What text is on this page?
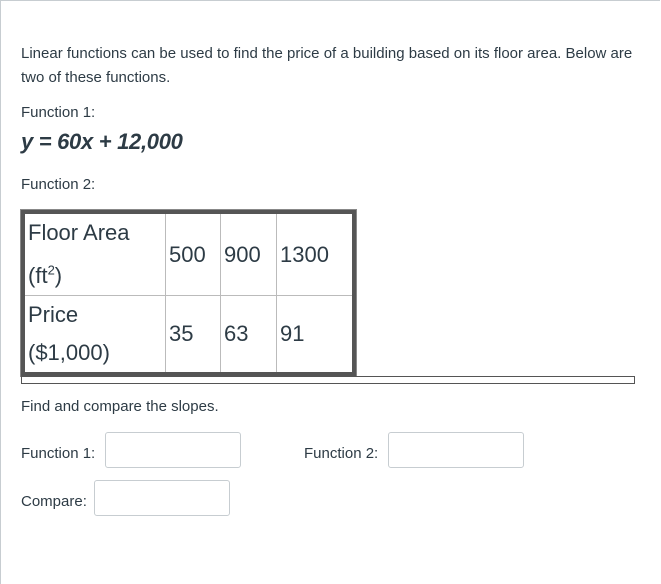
Linear functions can be used to find the price of a building based on its floor area. Below are two of these functions.
Function 1:
y = 60x + 12,000
Function 2:
Floor Area
$(ft^2)$	500	900	1300
Price
($1,000)	35	63	91
Find and compare the slopes.
Function 1:	Function 2:
Compare:
